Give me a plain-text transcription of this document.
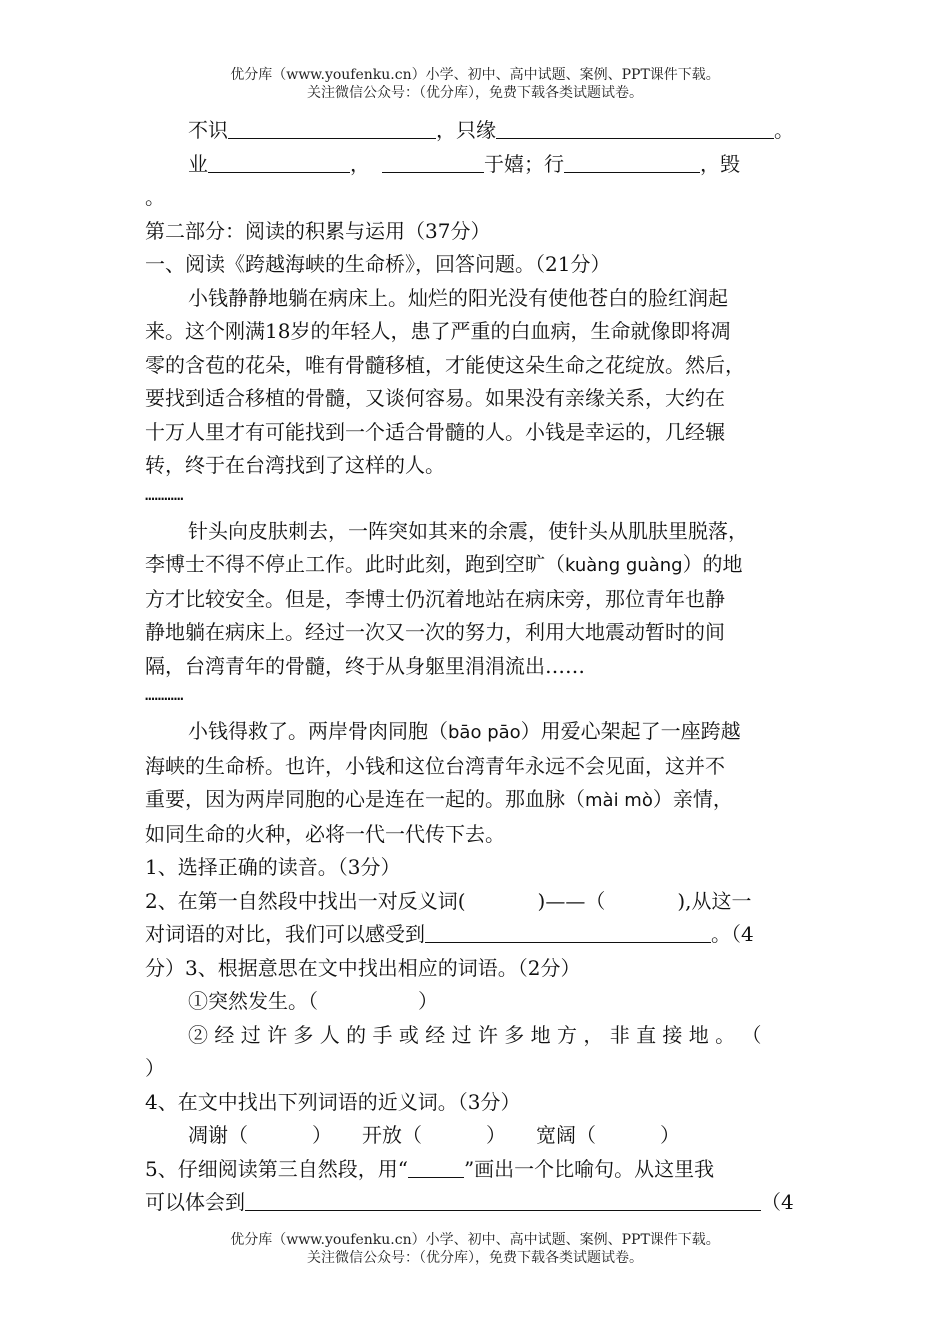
优分库（www.youfenku.cn）小学、初中、高中试题、案例、PPT课件下载。
关注微信公众号：（优分库），免费下载各类试题试卷。
不识	，只缘	。
业	，	于嬉；行	，毁
。
第二部分：阅读的积累与运用（37分）
一、阅读《跨越海峡的生命桥》，回答问题。（21分）
小钱静静地躺在病床上。灿烂的阳光没有使他苍白的脸红润起
来。这个刚满18岁的年轻人，患了严重的白血病，生命就像即将凋
零的含苞的花朵，唯有骨髓移植，才能使这朵生命之花绽放。然后，
要找到适合移植的骨髓，又谈何容易。如果没有亲缘关系，大约在
十万人里才有可能找到一个适合骨髓的人。小钱是幸运的，几经辗
转，终于在台湾找到了这样的人。
…………
针头向皮肤刺去，一阵突如其来的余震，使针头从肌肤里脱落，
李博士不得不停止工作。此时此刻，跑到空旷（kuàng guàng）的地
方才比较安全。但是，李博士仍沉着地站在病床旁，那位青年也静
静地躺在病床上。经过一次又一次的努力，利用大地震动暂时的间
隔，台湾青年的骨髓，终于从身躯里涓涓流出……
…………
小钱得救了。两岸骨肉同胞（bāo pāo）用爱心架起了一座跨越
海峡的生命桥。也许，小钱和这位台湾青年永远不会见面，这并不
重要，因为两岸同胞的心是连在一起的。那血脉（mài mò）亲情，
如同生命的火种，必将一代一代传下去。
1、选择正确的读音。（3分）
2、在第一自然段中找出一对反义词(	)——（	),从这一
对词语的对比，我们可以感受到	。（4
分）3、根据意思在文中找出相应的词语。（2分）
①突然发生。（	）
② 经 过 许 多 人 的 手 或 经 过 许 多 地 方 ， 非 直 接 地 。 （
）
4、在文中找出下列词语的近义词。（3分）
凋谢（	） 开放（	） 宽阔（	）
5、仔细阅读第三自然段，用“	”画出一个比喻句。从这里我
可以体会到	（4
优分库（www.youfenku.cn）小学、初中、高中试题、案例、PPT课件下载。
关注微信公众号：（优分库），免费下载各类试题试卷。
